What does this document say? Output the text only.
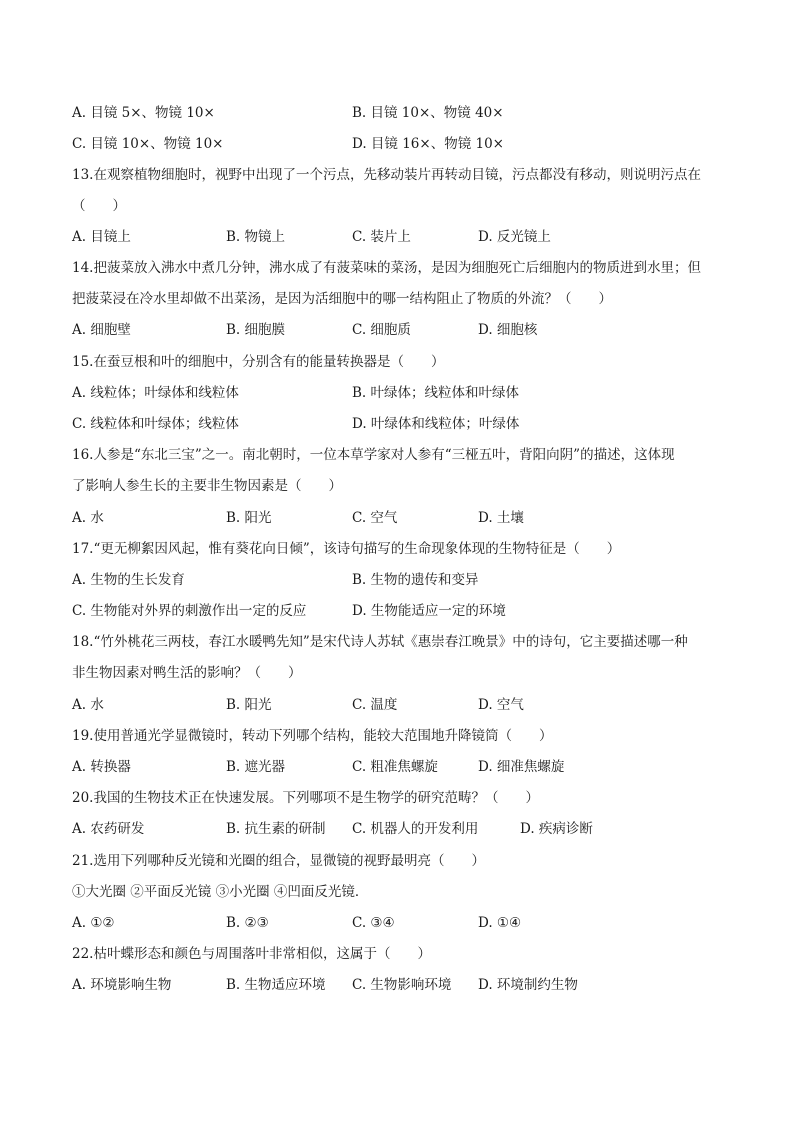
A. 目镜 5×、物镜 10×	B. 目镜 10×、物镜 40×
C. 目镜 10×、物镜 10×	D. 目镜 16×、物镜 10×
13.在观察植物细胞时，视野中出现了一个污点，先移动装片再转动目镜，污点都没有移动，则说明污点在
（　　）
A. 目镜上	B. 物镜上	C. 装片上	D. 反光镜上
14.把菠菜放入沸水中煮几分钟，沸水成了有菠菜味的菜汤，是因为细胞死亡后细胞内的物质进到水里；但
把菠菜浸在冷水里却做不出菜汤，是因为活细胞中的哪一结构阻止了物质的外流？（　　）
A. 细胞壁	B. 细胞膜	C. 细胞质	D. 细胞核
15.在蚕豆根和叶的细胞中，分别含有的能量转换器是（　　）
A. 线粒体；叶绿体和线粒体	B. 叶绿体；线粒体和叶绿体
C. 线粒体和叶绿体；线粒体	D. 叶绿体和线粒体；叶绿体
16.人参是“东北三宝”之一。南北朝时，一位本草学家对人参有“三桠五叶，背阳向阴”的描述，这体现
了影响人参生长的主要非生物因素是（　　）
A. 水	B. 阳光	C. 空气	D. 土壤
17.“更无柳絮因风起，惟有葵花向日倾”，该诗句描写的生命现象体现的生物特征是（　　）
A. 生物的生长发育	B. 生物的遗传和变异
C. 生物能对外界的刺激作出一定的反应	D. 生物能适应一定的环境
18.“竹外桃花三两枝，春江水暖鸭先知”是宋代诗人苏轼《惠崇春江晚景》中的诗句，它主要描述哪一种
非生物因素对鸭生活的影响？（　　）
A. 水	B. 阳光	C. 温度	D. 空气
19.使用普通光学显微镜时，转动下列哪个结构，能较大范围地升降镜筒（　　）
A. 转换器	B. 遮光器	C. 粗准焦螺旋	D. 细准焦螺旋
20.我国的生物技术正在快速发展。下列哪项不是生物学的研究范畴？（　　）
A. 农药研发	B. 抗生素的研制 C. 机器人的开发利用	D. 疾病诊断
21.选用下列哪种反光镜和光圈的组合，显微镜的视野最明亮（　　）
①大光圈 ②平面反光镜 ③小光圈 ④凹面反光镜．
A. ①②	B. ②③	C. ③④	D. ①④
22.枯叶蝶形态和颜色与周围落叶非常相似，这属于（　　）
A. 环境影响生物	B. 生物适应环境 C. 生物影响环境 D. 环境制约生物
